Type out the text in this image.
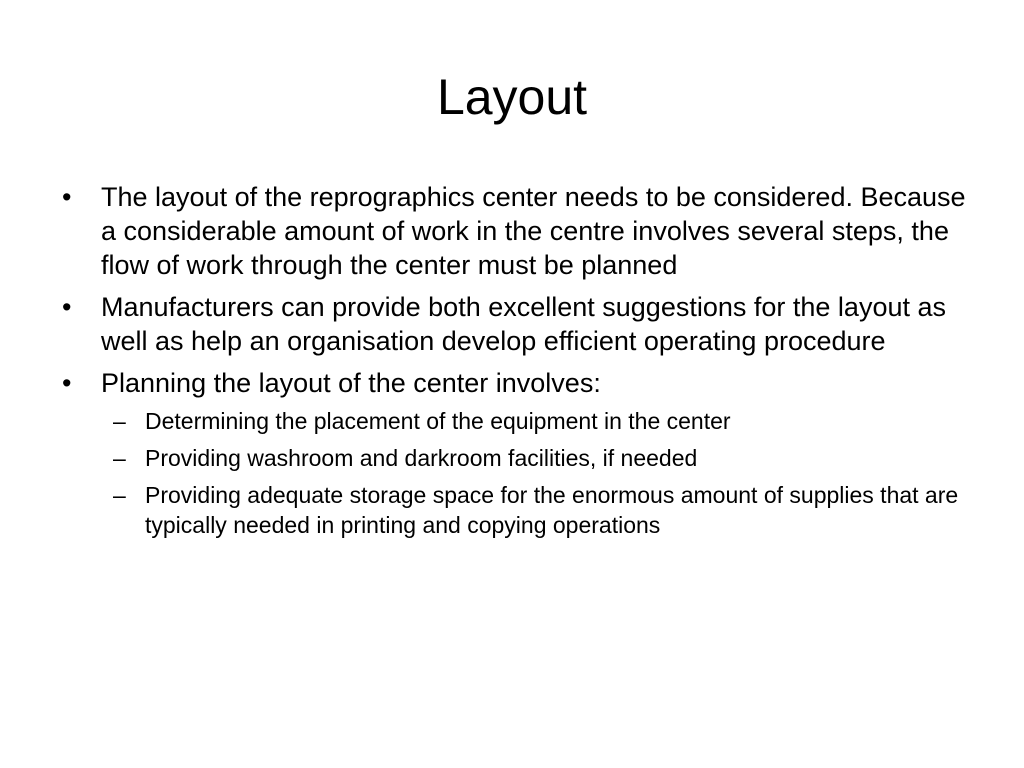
Layout
•	The layout of the reprographics center needs to be considered. Because a considerable amount of work in the centre involves several steps, the flow of work through the center must be planned
•	Manufacturers can provide both excellent suggestions for the layout as well as help an organisation develop efficient operating procedure
•	Planning the layout of the center involves:
– Determining the placement of the equipment in the center
– Providing washroom and darkroom facilities, if needed
– Providing adequate storage space for the enormous amount of supplies that are typically needed in printing and copying operations
